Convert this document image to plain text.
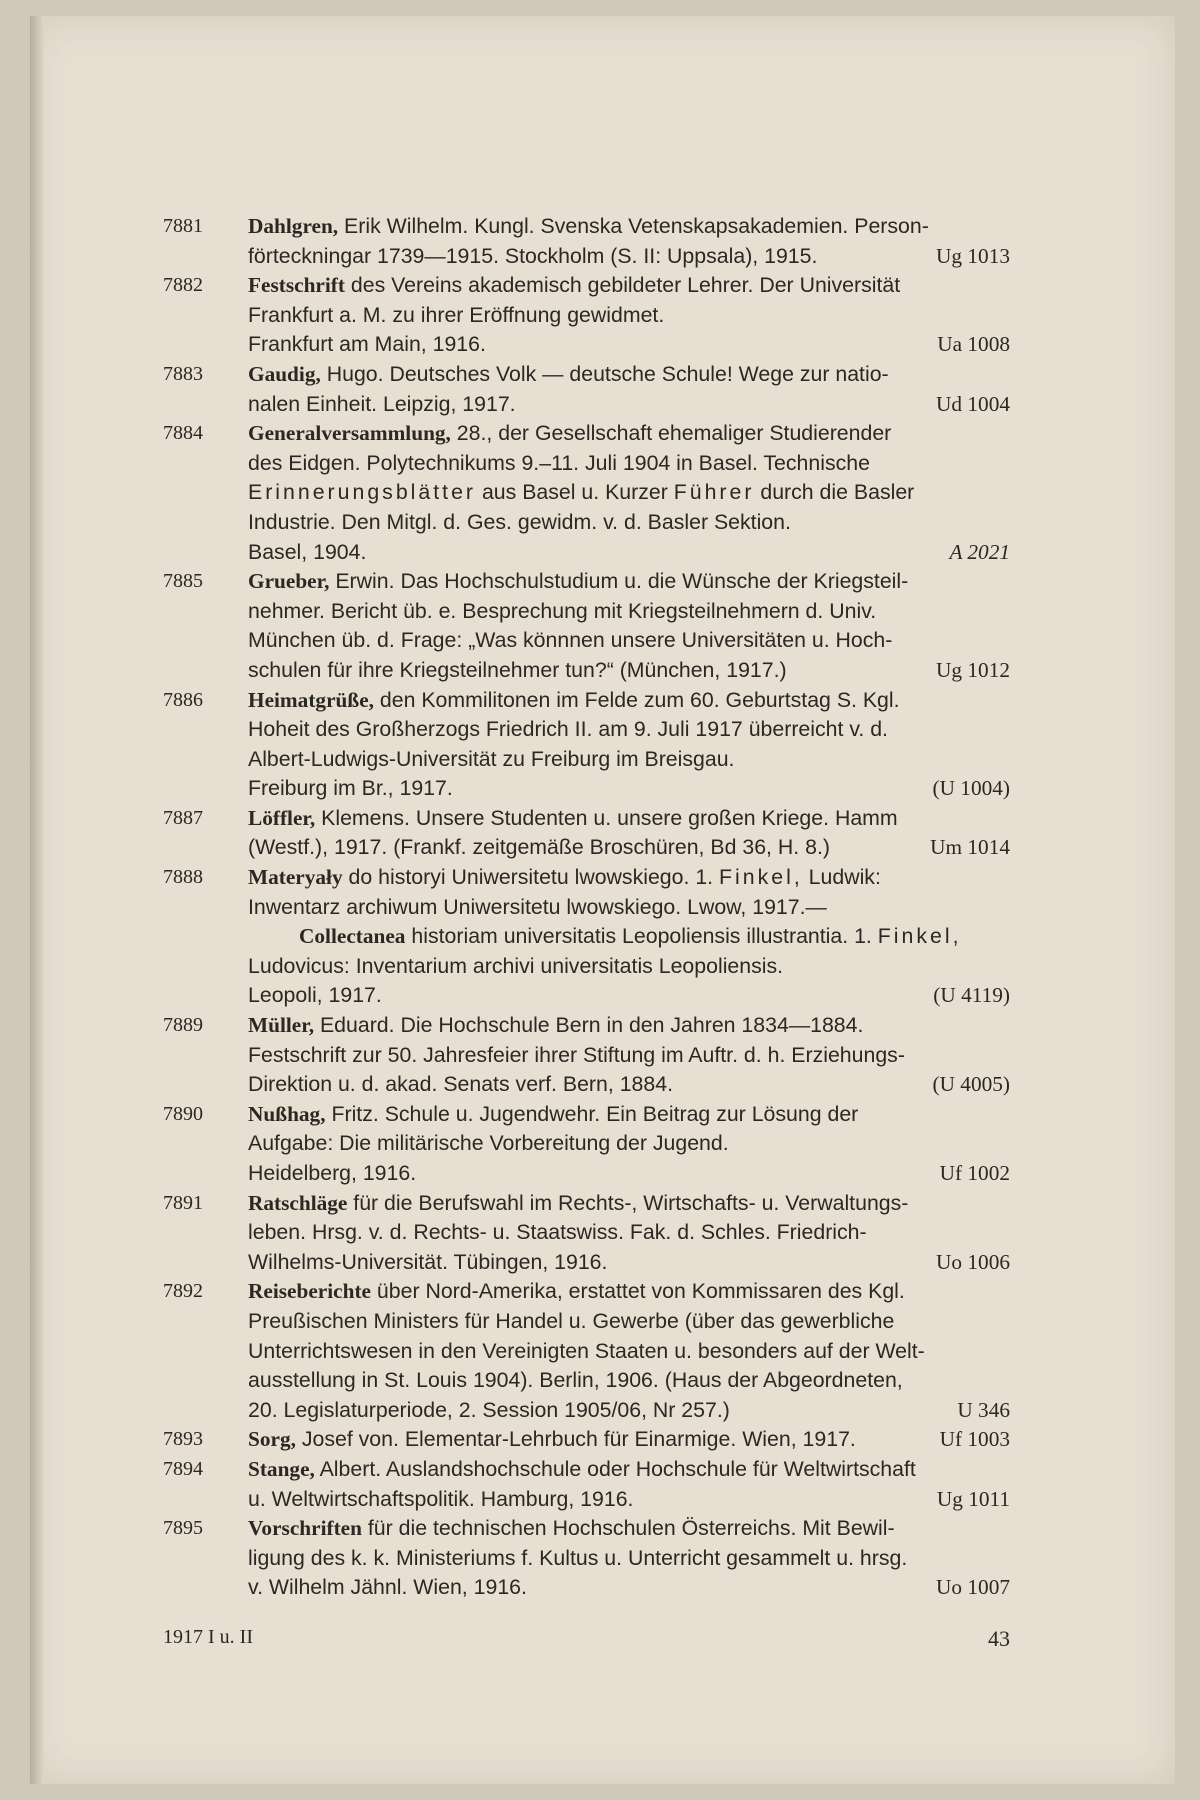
7881	Dahlgren, Erik Wilhelm. Kungl. Svenska Vetenskapsakademien. Person-
förteckningar 1739—1915. Stockholm (S. II: Uppsala), 1915.	Ug 1013
7882	Festschrift des Vereins akademisch gebildeter Lehrer. Der Universität
Frankfurt a. M. zu ihrer Eröffnung gewidmet.
Frankfurt am Main, 1916.	Ua 1008
7883	Gaudig, Hugo. Deutsches Volk — deutsche Schule! Wege zur natio-
nalen Einheit. Leipzig, 1917.	Ud 1004
7884	Generalversammlung, 28., der Gesellschaft ehemaliger Studierender
des Eidgen. Polytechnikums 9.–11. Juli 1904 in Basel. Technische
Erinnerungsblätter aus Basel u. Kurzer Führer durch die Basler
Industrie. Den Mitgl. d. Ges. gewidm. v. d. Basler Sektion.
Basel, 1904.	A 2021
7885	Grueber, Erwin. Das Hochschulstudium u. die Wünsche der Kriegsteil-
nehmer. Bericht üb. e. Besprechung mit Kriegsteilnehmern d. Univ.
München üb. d. Frage: „Was könnnen unsere Universitäten u. Hoch-
schulen für ihre Kriegsteilnehmer tun?“ (München, 1917.)	Ug 1012
7886	Heimatgrüße, den Kommilitonen im Felde zum 60. Geburtstag S. Kgl.
Hoheit des Großherzogs Friedrich II. am 9. Juli 1917 überreicht v. d.
Albert-Ludwigs-Universität zu Freiburg im Breisgau.
Freiburg im Br., 1917.	(U 1004)
7887	Löffler, Klemens. Unsere Studenten u. unsere großen Kriege. Hamm
(Westf.), 1917. (Frankf. zeitgemäße Broschüren, Bd 36, H. 8.)	Um 1014
7888	Materyały do historyi Uniwersitetu lwowskiego. 1. Finkel, Ludwik:
Inwentarz archiwum Uniwersitetu lwowskiego. Lwow, 1917.—
Collectanea historiam universitatis Leopoliensis illustrantia. 1. Finkel,
Ludovicus: Inventarium archivi universitatis Leopoliensis.
Leopoli, 1917.	(U 4119)
7889	Müller, Eduard. Die Hochschule Bern in den Jahren 1834—1884.
Festschrift zur 50. Jahresfeier ihrer Stiftung im Auftr. d. h. Erziehungs-
Direktion u. d. akad. Senats verf. Bern, 1884.	(U 4005)
7890	Nußhag, Fritz. Schule u. Jugendwehr. Ein Beitrag zur Lösung der
Aufgabe: Die militärische Vorbereitung der Jugend.
Heidelberg, 1916.	Uf 1002
7891	Ratschläge für die Berufswahl im Rechts-, Wirtschafts- u. Verwaltungs-
leben. Hrsg. v. d. Rechts- u. Staatswiss. Fak. d. Schles. Friedrich-
Wilhelms-Universität. Tübingen, 1916.	Uo 1006
7892	Reiseberichte über Nord-Amerika, erstattet von Kommissaren des Kgl.
Preußischen Ministers für Handel u. Gewerbe (über das gewerbliche
Unterrichtswesen in den Vereinigten Staaten u. besonders auf der Welt-
ausstellung in St. Louis 1904). Berlin, 1906. (Haus der Abgeordneten,
20. Legislaturperiode, 2. Session 1905/06, Nr 257.)	U 346
7893	Sorg, Josef von. Elementar-Lehrbuch für Einarmige. Wien, 1917.	Uf 1003
7894	Stange, Albert. Auslandshochschule oder Hochschule für Weltwirtschaft
u. Weltwirtschaftspolitik. Hamburg, 1916.	Ug 1011
7895	Vorschriften für die technischen Hochschulen Österreichs. Mit Bewil-
ligung des k. k. Ministeriums f. Kultus u. Unterricht gesammelt u. hrsg.
v. Wilhelm Jähnl. Wien, 1916.	Uo 1007
1917 I u. II	43
